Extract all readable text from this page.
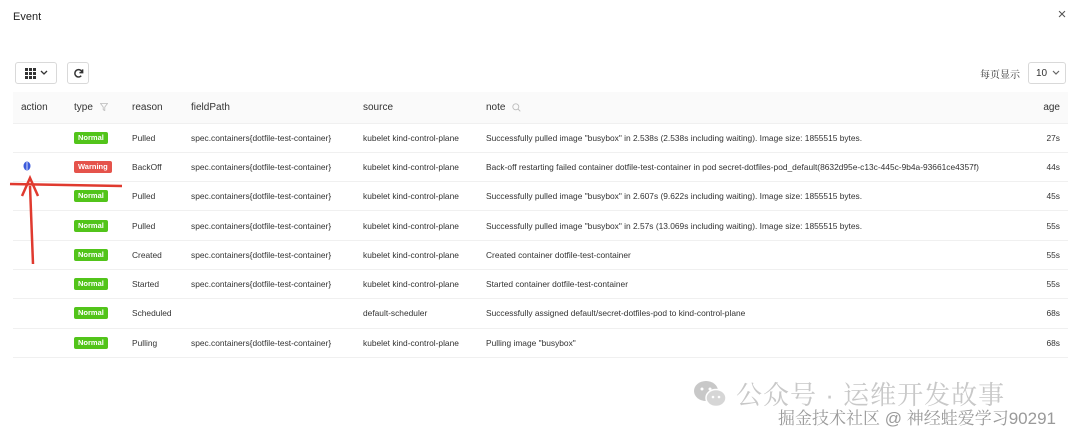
Event	×
每页显示 10
action	type	reason	fieldPath	source	note	age
	Normal	Pulled	spec.containers{dotfile-test-container}	kubelet kind-control-plane	Successfully pulled image "busybox" in 2.538s (2.538s including waiting). Image size: 1855515 bytes.	27s
	Warning	BackOff	spec.containers{dotfile-test-container}	kubelet kind-control-plane	Back-off restarting failed container dotfile-test-container in pod secret-dotfiles-pod_default(8632d95e-c13c-445c-9b4a-93661ce4357f)	44s
	Normal	Pulled	spec.containers{dotfile-test-container}	kubelet kind-control-plane	Successfully pulled image "busybox" in 2.607s (9.622s including waiting). Image size: 1855515 bytes.	45s
	Normal	Pulled	spec.containers{dotfile-test-container}	kubelet kind-control-plane	Successfully pulled image "busybox" in 2.57s (13.069s including waiting). Image size: 1855515 bytes.	55s
	Normal	Created	spec.containers{dotfile-test-container}	kubelet kind-control-plane	Created container dotfile-test-container	55s
	Normal	Started	spec.containers{dotfile-test-container}	kubelet kind-control-plane	Started container dotfile-test-container	55s
	Normal	Scheduled		default-scheduler	Successfully assigned default/secret-dotfiles-pod to kind-control-plane	68s
	Normal	Pulling	spec.containers{dotfile-test-container}	kubelet kind-control-plane	Pulling image "busybox"	68s
公众号 · 运维开发故事
掘金技术社区 @ 神经蛙爱学习90291
